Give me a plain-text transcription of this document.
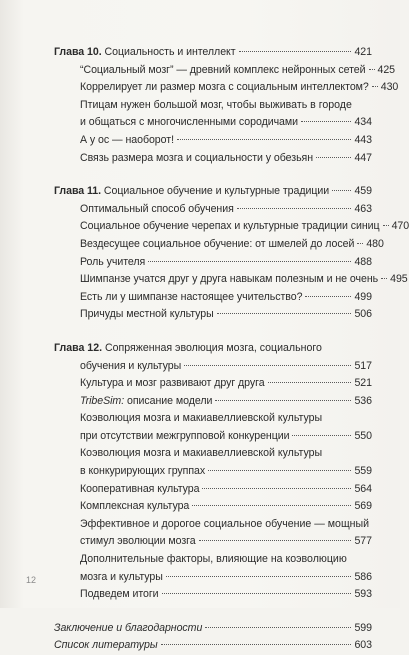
Глава 10. Социальность и интеллект	421
“Социальный мозг” — древний комплекс нейронных сетей 425
Коррелирует ли размер мозга с социальным интеллектом? 430
Птицам нужен большой мозг, чтобы выживать в городе
и общаться с многочисленными сородичами	434
А у ос — наоборот!	443
Связь размера мозга и социальности у обезьян	447
Глава 11. Социальное обучение и культурные традиции 459
Оптимальный способ обучения	463
Социальное обучение черепах и культурные традиции синиц 470
Вездесущее социальное обучение: от шмелей до лосей 480
Роль учителя	488
Шимпанзе учатся друг у друга навыкам полезным и не очень 495
Есть ли у шимпанзе настоящее учительство?	499
Причуды местной культуры	506
Глава 12. Сопряженная эволюция мозга, социального
обучения и культуры	517
Культура и мозг развивают друг друга	521
TribeSim: описание модели	536
Коэволюция мозга и макиавеллиевской культуры
при отсутствии межгрупповой конкуренции	550
Коэволюция мозга и макиавеллиевской культуры
в конкурирующих группах	559
Кооперативная культура	564
Комплексная культура	569
Эффективное и дорогое социальное обучение — мощный
стимул эволюции мозга	577
Дополнительные факторы, влияющие на коэволюцию
мозга и культуры	586
Подведем итоги	593
Заключение и благодарности	599
Список литературы	603
12
